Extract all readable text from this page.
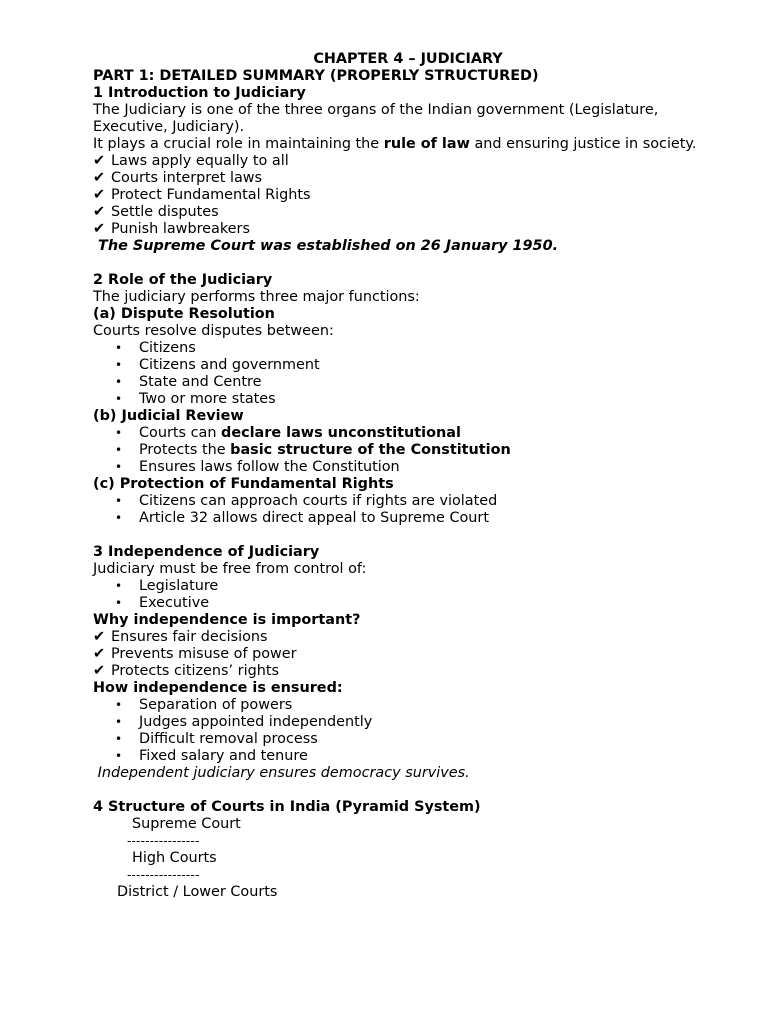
CHAPTER 4 – JUDICIARY

PART 1: DETAILED SUMMARY (PROPERLY STRUCTURED)

1 Introduction to Judiciary

The Judiciary is one of the three organs of the Indian government (Legislature, Executive, Judiciary).

It plays a crucial role in maintaining the rule of law and ensuring justice in society.

✔ Laws apply equally to all

✔ Courts interpret laws

✔ Protect Fundamental Rights

✔ Settle disputes

✔ Punish lawbreakers

The Supreme Court was established on 26 January 1950.

2 Role of the Judiciary

The judiciary performs three major functions:

(a) Dispute Resolution

Courts resolve disputes between:

• Citizens
• Citizens and government
• State and Centre
• Two or more states

(b) Judicial Review

• Courts can declare laws unconstitutional
• Protects the basic structure of the Constitution
• Ensures laws follow the Constitution

(c) Protection of Fundamental Rights

• Citizens can approach courts if rights are violated
• Article 32 allows direct appeal to Supreme Court

3 Independence of Judiciary

Judiciary must be free from control of:

• Legislature
• Executive

Why independence is important?

✔ Ensures fair decisions

✔ Prevents misuse of power

✔ Protects citizens’ rights

How independence is ensured:

• Separation of powers
• Judges appointed independently
• Difficult removal process
• Fixed salary and tenure

Independent judiciary ensures democracy survives.

4 Structure of Courts in India (Pyramid System)

Supreme Court

----------------

High Courts

----------------

District / Lower Courts
